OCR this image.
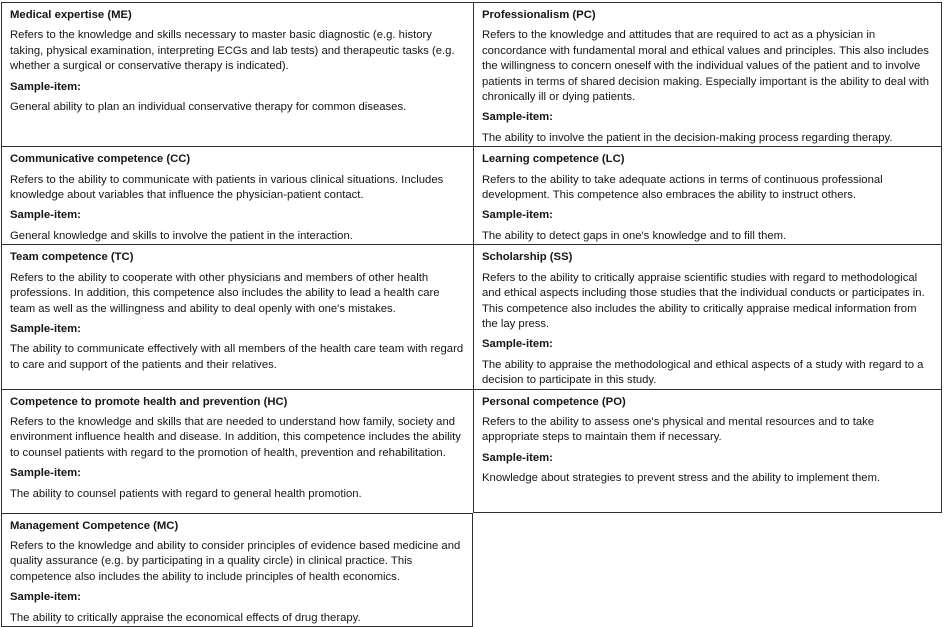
Medical expertise (ME)

Refers to the knowledge and skills necessary to master basic diagnostic (e.g. history taking, physical examination, interpreting ECGs and lab tests) and therapeutic tasks (e.g. whether a surgical or conservative therapy is indicated).

Sample-item:

General ability to plan an individual conservative therapy for common diseases.

Professionalism (PC)

Refers to the knowledge and attitudes that are required to act as a physician in concordance with fundamental moral and ethical values and principles. This also includes the willingness to concern oneself with the individual values of the patient and to involve patients in terms of shared decision making. Especially important is the ability to deal with chronically ill or dying patients.

Sample-item:

The ability to involve the patient in the decision-making process regarding therapy.

Communicative competence (CC)

Refers to the ability to communicate with patients in various clinical situations. Includes knowledge about variables that influence the physician-patient contact.

Sample-item:

General knowledge and skills to involve the patient in the interaction.

Learning competence (LC)

Refers to the ability to take adequate actions in terms of continuous professional development. This competence also embraces the ability to instruct others.

Sample-item:

The ability to detect gaps in one's knowledge and to fill them.

Team competence (TC)

Refers to the ability to cooperate with other physicians and members of other health professions. In addition, this competence also includes the ability to lead a health care team as well as the willingness and ability to deal openly with one's mistakes.

Sample-item:

The ability to communicate effectively with all members of the health care team with regard to care and support of the patients and their relatives.

Scholarship (SS)

Refers to the ability to critically appraise scientific studies with regard to methodological and ethical aspects including those studies that the individual conducts or participates in. This competence also includes the ability to critically appraise medical information from the lay press.

Sample-item:

The ability to appraise the methodological and ethical aspects of a study with regard to a decision to participate in this study.

Competence to promote health and prevention (HC)

Refers to the knowledge and skills that are needed to understand how family, society and environment influence health and disease. In addition, this competence includes the ability to counsel patients with regard to the promotion of health, prevention and rehabilitation.

Sample-item:

The ability to counsel patients with regard to general health promotion.

Personal competence (PO)

Refers to the ability to assess one's physical and mental resources and to take appropriate steps to maintain them if necessary.

Sample-item:

Knowledge about strategies to prevent stress and the ability to implement them.

Management Competence (MC)

Refers to the knowledge and ability to consider principles of evidence based medicine and quality assurance (e.g. by participating in a quality circle) in clinical practice. This competence also includes the ability to include principles of health economics.

Sample-item:

The ability to critically appraise the economical effects of drug therapy.
